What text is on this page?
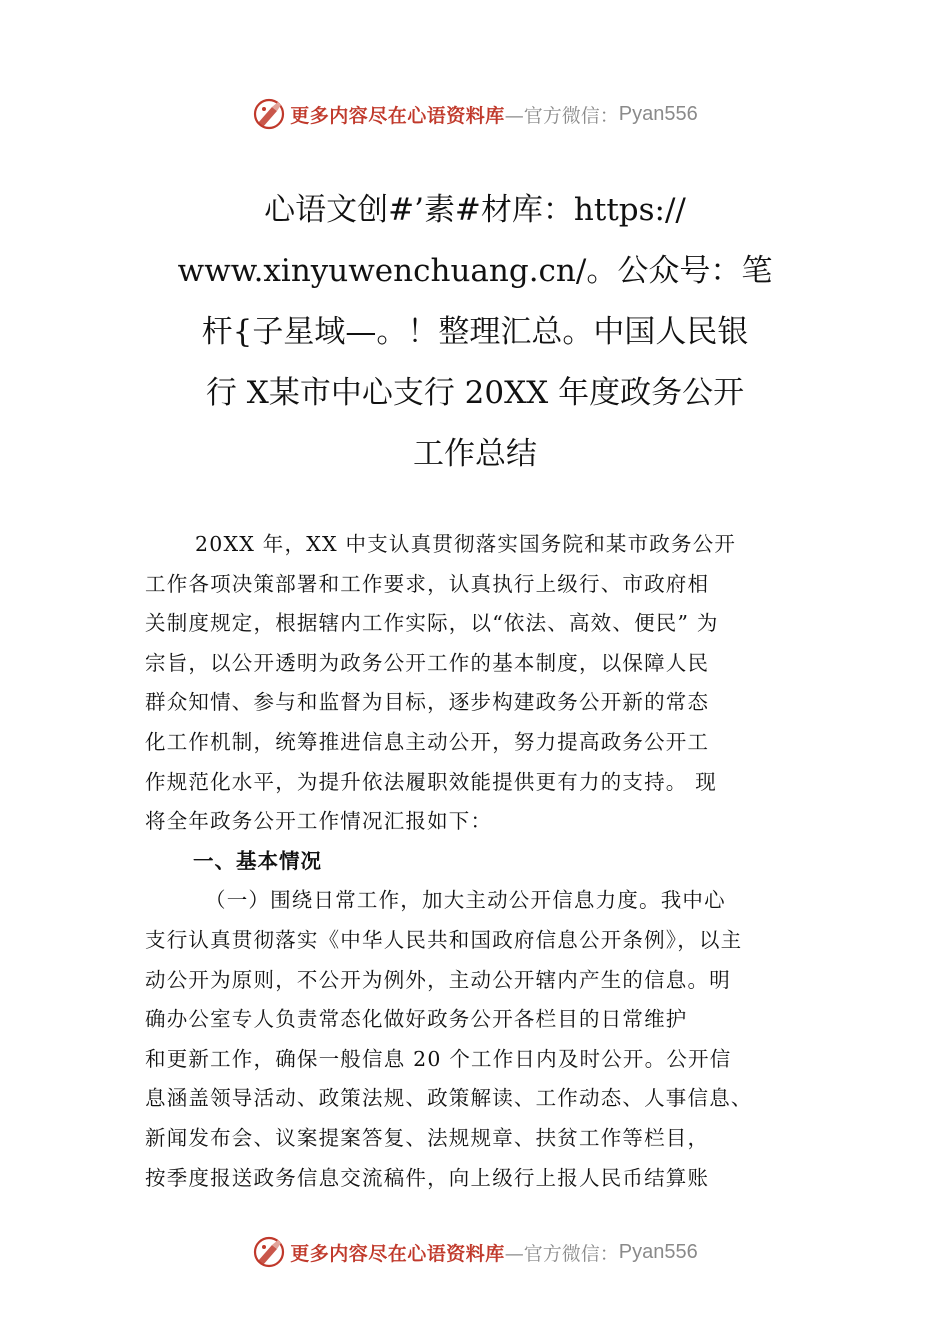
更多内容尽在心语资料库 —官方微信： Pyan556
心语文创#’素#材库：https://
www.xinyuwenchuang.cn/。公众号：笔
杆{子星域—。！整理汇总。中国人民银
行 X某市中心支行 20XX 年度政务公开
工作总结
20XX 年，XX 中支认真贯彻落实国务院和某市政务公开
工作各项决策部署和工作要求，认真执行上级行、市政府相
关制度规定，根据辖内工作实际，以“依法、高效、便民” 为
宗旨，以公开透明为政务公开工作的基本制度，以保障人民
群众知情、参与和监督为目标，逐步构建政务公开新的常态
化工作机制，统筹推进信息主动公开，努力提高政务公开工
作规范化水平，为提升依法履职效能提供更有力的支持。 现
将全年政务公开工作情况汇报如下：
一、基本情况
（一）围绕日常工作，加大主动公开信息力度。我中心
支行认真贯彻落实《中华人民共和国政府信息公开条例》，以主
动公开为原则，不公开为例外，主动公开辖内产生的信息。明
确办公室专人负责常态化做好政务公开各栏目的日常维护
和更新工作，确保一般信息 20 个工作日内及时公开。公开信
息涵盖领导活动、政策法规、政策解读、工作动态、人事信息、
新闻发布会、议案提案答复、法规规章、扶贫工作等栏目，
按季度报送政务信息交流稿件，向上级行上报人民币结算账
更多内容尽在心语资料库 —官方微信： Pyan556
